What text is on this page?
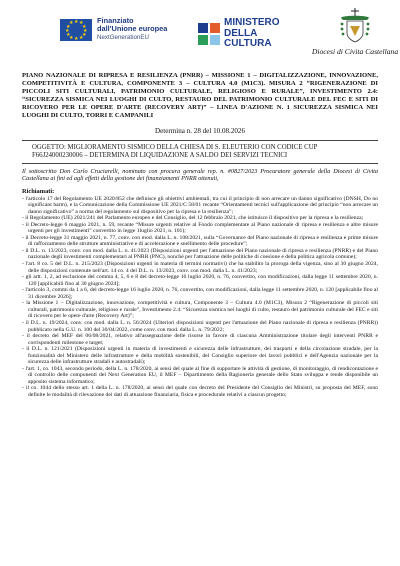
★ ★
★
★
★
★
★
★
★
★
★
★	Finanziato
dall'Unione europea
NextGenerationEU
MINISTERO
DELLA
CULTURA
Diocesi di Civita Castellana
PIANO NAZIONALE DI RIPRESA E RESILIENZA (PNRR) – MISSIONE 1 – DIGITALIZZAZIONE, INNOVAZIONE, COMPETITIVITÀ E CULTURA, COMPONENTE 3 – CULTURA 4.0 (M1C3). MISURA 2 “RIGENERAZIONE DI PICCOLI SITI CULTURALI, PATRIMONIO CULTURALE, RELIGIOSO E RURALE”, INVESTIMENTO 2.4: “SICUREZZA SISMICA NEI LUOGHI DI CULTO, RESTAURO DEL PATRIMONIO CULTURALE DEL FEC E SITI DI RICOVERO PER LE OPERE D'ARTE (RECOVERY ART)” – LINEA D'AZIONE N. 1 SICUREZZA SISMICA NEI LUOGHI DI CULTO, TORRI E CAMPANILI
Determina n. 28 del 10.08.2026
OGGETTO: MIGLIORAMENTO SISMICO DELLA CHIESA DI S. ELEUTERIO CON CODICE CUP F66J24000230006 – DETERMINA DI LIQUIDAZIONE A SALDO DEI SERVIZI TECNICI
Il sottoscritto Don Carlo Cruciarelli, nominato con procura generale rep. n. #0827/2023 Procuratore generale della Diocesi di Civita Castellana ai fini ed agli effetti della gestione dei finanziamenti PNRR ottenuti,
Richiamati:
- l'articolo 17 del Regolamento UE 2020/852 che definisce gli obiettivi ambientali, tra cui il principio di non arrecare un danno significativo (DNSH, Do no significant harm), e la Comunicazione della Commissione UE 2021/C 58/01 recante “Orientamenti tecnici sull'applicazione del principio “non arrecare un danno significativo” a norma del regolamento sul dispositivo per la ripresa e la resilienza”;
- il Regolamento (UE) 2021/241 del Parlamento europeo e del Consiglio, del 12 febbraio 2021, che istituisce il dispositivo per la ripresa e la resilienza;
- il Decreto-legge 6 maggio 2021, n. 59, recante “Misure urgenti relative al Fondo complementare al Piano nazionale di ripresa e resilienza e altre misure urgenti per gli investimenti” convertito in legge 1luglio 2021, n. 101);
- il Decreto-legge 31 maggio 2021, n. 77, conv. con mod. dalla L. n. 108/2021, sulla “Governance del Piano nazionale di ripresa e resilienza e prime misure di rafforzamento delle strutture amministrative e di accelerazione e snellimento delle procedure”;
- il D.L. n. 13/2023, conv. con mod. dalla L. n. 41/2023 (Disposizioni urgenti per l'attuazione del Piano nazionale di ripresa e resilienza (PNRR) e del Piano nazionale degli investimenti complementari al PNRR (PNC), nonché per l'attuazione delle politiche di coesione e della politica agricola comune);
- l'art. 8 co. 5 del D.L. n. 215/2023 (Disposizioni urgenti in materia di termini normativi) che ha stabilito la proroga della vigenza, sino al 30 giugno 2024, delle disposizioni contenute nell'art. 14 co. 4 del D.L. n. 13/2023, conv. con mod. dalla L. n. 41/2023;
- gli artt. 1, 2, ad esclusione del comma 4, 5, 6 e 8 del decreto-legge 16 luglio 2020, n. 76, convertito, con modificazioni, dalla legge 11 settembre 2020, n. 120 [applicabili fino al 30 giugno 2024];
- l'articolo 3, commi da 1 a 6, del decreto-legge 16 luglio 2020, n. 76, convertito, con modificazioni, dalla legge 11 settembre 2020, n. 120 [applicabile fino al 31 dicembre 2026];
- la Missione 1 – Digitalizzazione, innovazione, competitività e cultura, Componente 3 – Cultura 4.0 (M1C3), Misura 2 “Rigenerazione di piccoli siti culturali, patrimonio culturale, religioso e rurale”, Investimento 2.4: “Sicurezza sismica nei luoghi di culto, restauro del patrimonio culturale del FEC e siti di ricovero per le opere d'arte (Recovery Art)”;
- il D.L. n. 19/2024, conv. con mod. dalla L. n. 56/2024 (Ulteriori disposizioni urgenti per l'attuazione del Piano nazionale di ripresa e resilienza (PNRR)) pubblicato nella G.U. n. 100 del 30/04/2022, come conv. con mod. dalla L. n. 79/2022;
- il decreto del MEF del 06/08/2021, relativo all'assegnazione delle risorse in favore di ciascuna Amministrazione titolare degli interventi PNRR e corrispondenti milestone e target;
- il D.L. n. 121/2021 (Disposizioni urgenti in materia di investimenti e sicurezza delle infrastrutture, dei trasporti e della circolazione stradale, per la funzionalità del Ministero delle infrastrutture e della mobilità sostenibili, del Consiglio superiore dei lavori pubblici e dell'Agenzia nazionale per la sicurezza delle infrastrutture stradali e autostradali);
- l'art. 1, co. 1043, secondo periodo, della L. n. 178/2020, ai sensi del quale al fine di supportare le attività di gestione, di monitoraggio, di rendicontazione e di controllo delle componenti del Next Generation EU, il MEF – Dipartimento della Ragioneria generale dello Stato sviluppa e rende disponibile un apposito sistema informatico;
- il co. 1044 dello stesso art. 1 della L. n. 178/2020, ai sensi del quale con decreto del Presidente del Consiglio dei Ministri, su proposta del MEF, sono definite le modalità di rilevazione dei dati di attuazione finanziaria, fisica e procedurale relativi a ciascun progetto;
